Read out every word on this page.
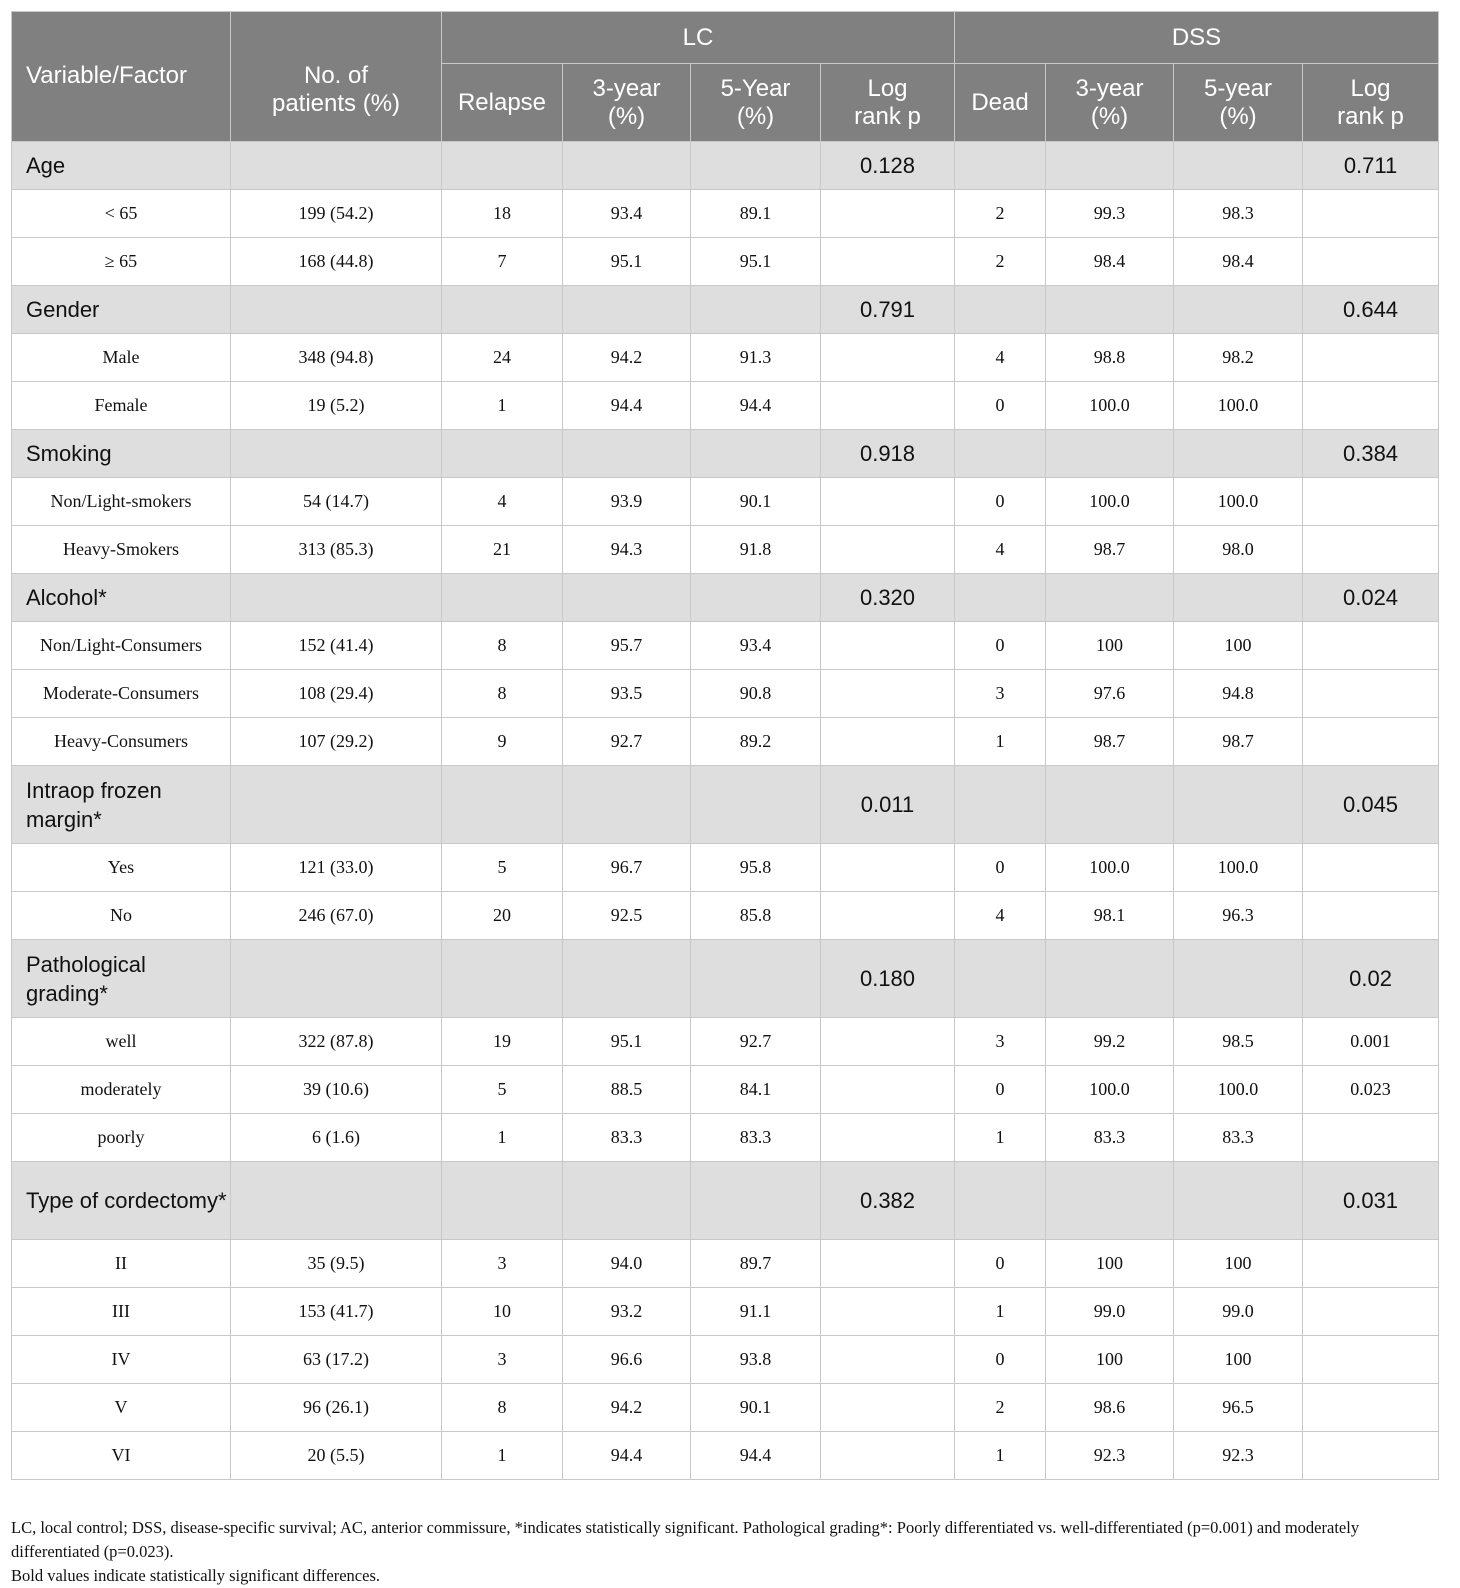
Variable/Factor	No. of patients (%)	LC				DSS			
		Relapse	3-year (%)	5-Year (%)	Log rank p	Dead	3-year (%)	5-year (%)	Log rank p
Age					0.128				0.711
< 65	199 (54.2)	18	93.4	89.1		2	99.3	98.3	
≥ 65	168 (44.8)	7	95.1	95.1		2	98.4	98.4	
Gender					0.791				0.644
Male	348 (94.8)	24	94.2	91.3		4	98.8	98.2	
Female	19 (5.2)	1	94.4	94.4		0	100.0	100.0	
Smoking					0.918				0.384
Non/Light-smokers	54 (14.7)	4	93.9	90.1		0	100.0	100.0	
Heavy-Smokers	313 (85.3)	21	94.3	91.8		4	98.7	98.0	
Alcohol*					0.320				0.024
Non/Light-Consumers	152 (41.4)	8	95.7	93.4		0	100	100	
Moderate-Consumers	108 (29.4)	8	93.5	90.8		3	97.6	94.8	
Heavy-Consumers	107 (29.2)	9	92.7	89.2		1	98.7	98.7	
Intraop frozen margin*					0.011				0.045
Yes	121 (33.0)	5	96.7	95.8		0	100.0	100.0	
No	246 (67.0)	20	92.5	85.8		4	98.1	96.3	
Pathological grading*					0.180				0.02
well	322 (87.8)	19	95.1	92.7		3	99.2	98.5	0.001
moderately	39 (10.6)	5	88.5	84.1		0	100.0	100.0	0.023
poorly	6 (1.6)	1	83.3	83.3		1	83.3	83.3	
Type of cordectomy*					0.382				0.031
II	35 (9.5)	3	94.0	89.7		0	100	100	
III	153 (41.7)	10	93.2	91.1		1	99.0	99.0	
IV	63 (17.2)	3	96.6	93.8		0	100	100	
V	96 (26.1)	8	94.2	90.1		2	98.6	96.5	
VI	20 (5.5)	1	94.4	94.4		1	92.3	92.3	

LC, local control; DSS, disease-specific survival; AC, anterior commissure, *indicates statistically significant. Pathological grading*: Poorly differentiated vs. well-differentiated (p=0.001) and moderately differentiated (p=0.023).

Bold values indicate statistically significant differences.
